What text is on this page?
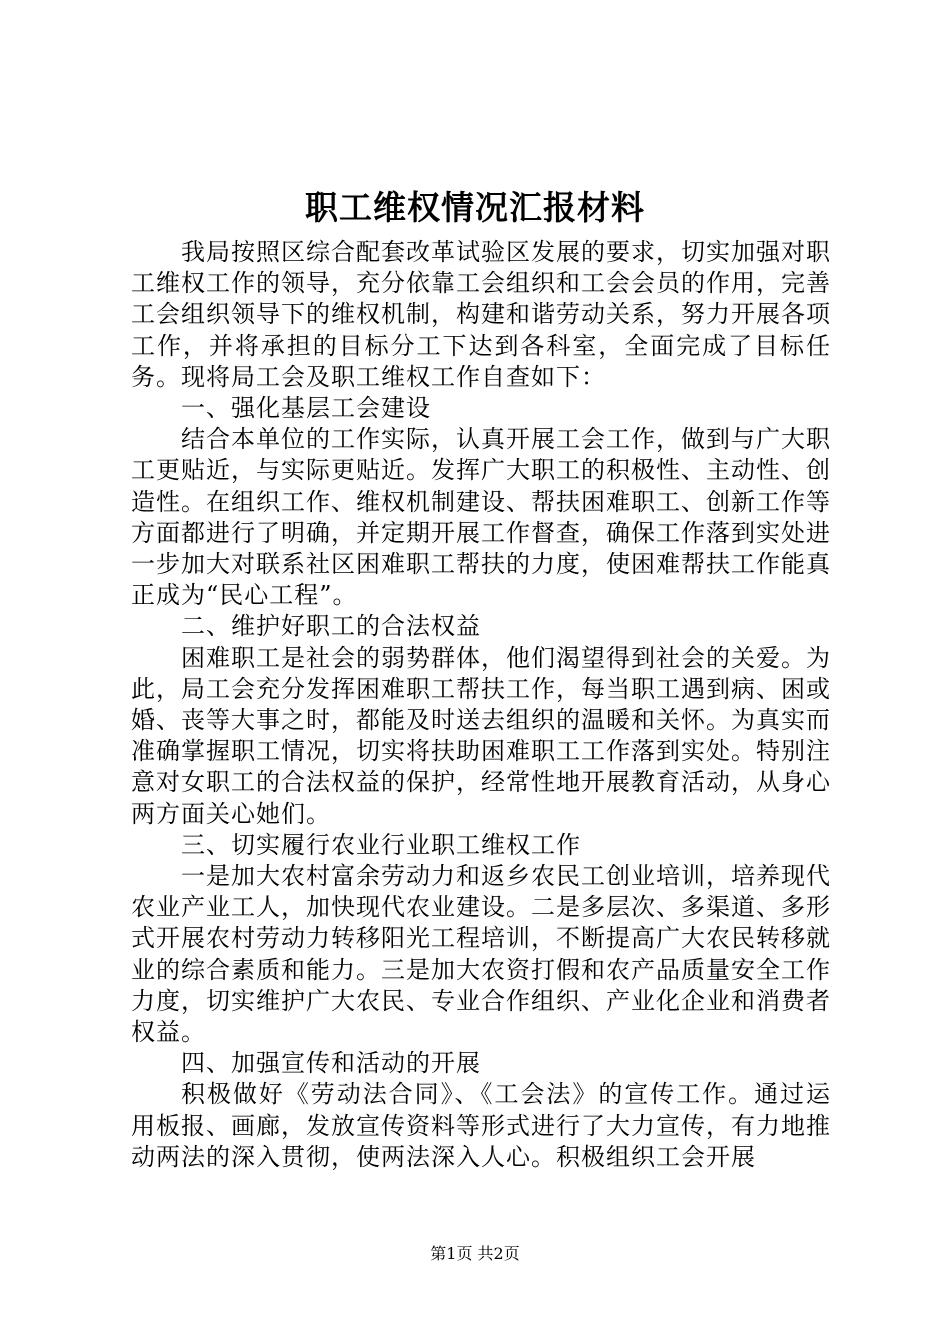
职工维权情况汇报材料

我局按照区综合配套改革试验区发展的要求，切实加强对职工维权工作的领导，充分依靠工会组织和工会会员的作用，完善工会组织领导下的维权机制，构建和谐劳动关系，努力开展各项工作，并将承担的目标分工下达到各科室，全面完成了目标任务。现将局工会及职工维权工作自查如下：

一、强化基层工会建设

结合本单位的工作实际，认真开展工会工作，做到与广大职工更贴近，与实际更贴近。发挥广大职工的积极性、主动性、创造性。在组织工作、维权机制建设、帮扶困难职工、创新工作等方面都进行了明确，并定期开展工作督查，确保工作落到实处进一步加大对联系社区困难职工帮扶的力度，使困难帮扶工作能真正成为“民心工程”。

二、维护好职工的合法权益

困难职工是社会的弱势群体，他们渴望得到社会的关爱。为此，局工会充分发挥困难职工帮扶工作，每当职工遇到病、困或婚、丧等大事之时，都能及时送去组织的温暖和关怀。为真实而准确掌握职工情况，切实将扶助困难职工工作落到实处。特别注意对女职工的合法权益的保护，经常性地开展教育活动，从身心两方面关心她们。

三、切实履行农业行业职工维权工作

一是加大农村富余劳动力和返乡农民工创业培训，培养现代农业产业工人，加快现代农业建设。二是多层次、多渠道、多形式开展农村劳动力转移阳光工程培训，不断提高广大农民转移就业的综合素质和能力。三是加大农资打假和农产品质量安全工作力度，切实维护广大农民、专业合作组织、产业化企业和消费者权益。

四、加强宣传和活动的开展

积极做好《劳动法合同》、《工会法》的宣传工作。通过运用板报、画廊，发放宣传资料等形式进行了大力宣传，有力地推动两法的深入贯彻，使两法深入人心。积极组织工会开展

第1页 共2页
